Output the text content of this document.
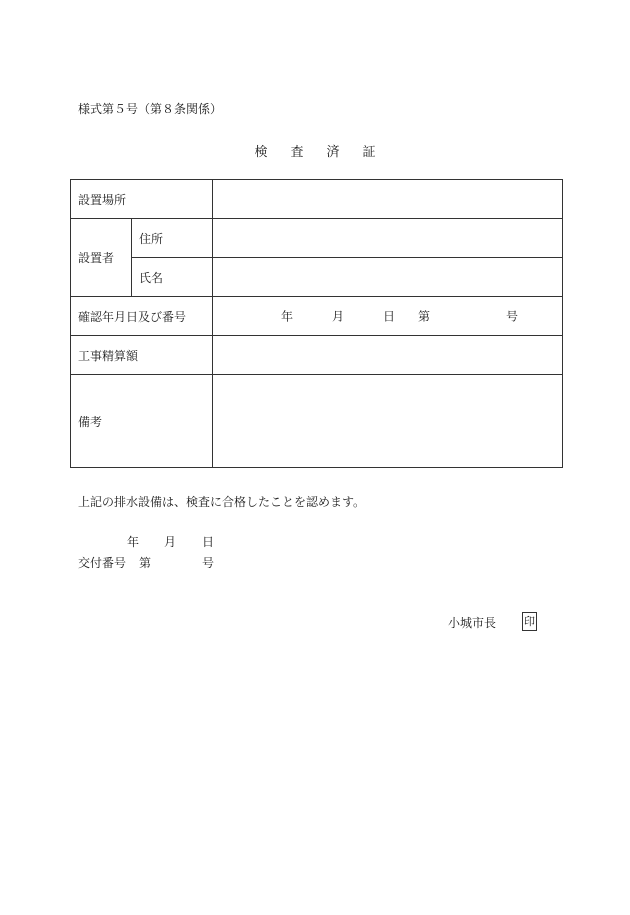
様式第５号（第８条関係）
検 査 済 証
設置場所		
設置者	住所	
	氏名	
確認年月日及び番号		年 月 日 第 号

工事精算額		
備考		
上記の排水設備は、検査に合格したことを認めます。
年 月 日
交付番号 第	号
小城市長	印
